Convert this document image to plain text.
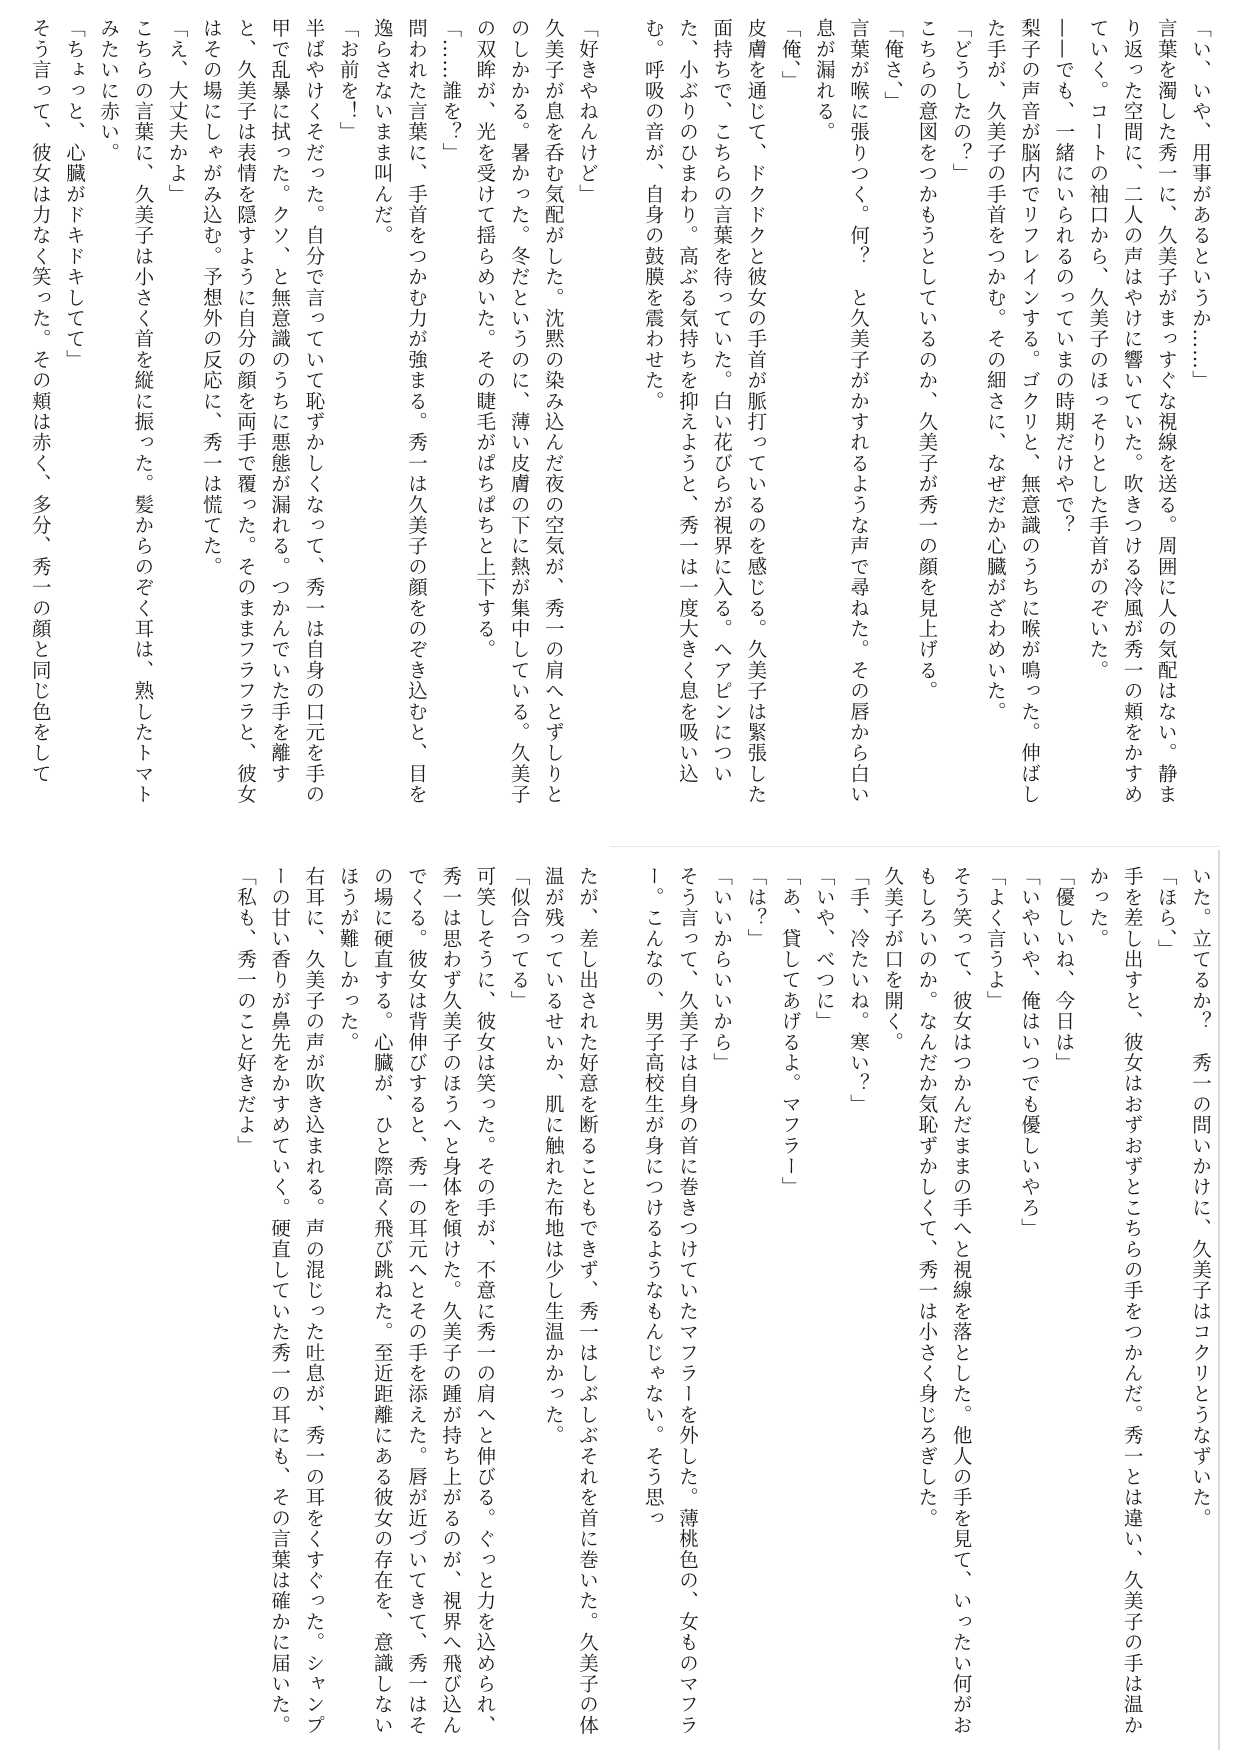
「い、いや、用事があるというか……」
言葉を濁した秀一に、久美子がまっすぐな視線を送る。周囲に人の気配はない。静まり返った空間に、二人の声はやけに響いていた。吹きつける冷風が秀一の頬をかすめていく。コートの袖口から、久美子のほっそりとした手首がのぞいた。
——でも、一緒にいられるのっていまの時期だけやで？
梨子の声音が脳内でリフレインする。ゴクリと、無意識のうちに喉が鳴った。伸ばした手が、久美子の手首をつかむ。その細さに、なぜだか心臓がざわめいた。
「どうしたの？」
こちらの意図をつかもうとしているのか、久美子が秀一の顔を見上げる。
「俺さ、」
言葉が喉に張りつく。何？　と久美子がかすれるような声で尋ねた。その唇から白い息が漏れる。
「俺、」
皮膚を通じて、ドクドクと彼女の手首が脈打っているのを感じる。久美子は緊張した面持ちで、こちらの言葉を待っていた。白い花びらが視界に入る。ヘアピンについた、小ぶりのひまわり。高ぶる気持ちを抑えようと、秀一は一度大きく息を吸い込む。呼吸の音が、自身の鼓膜を震わせた。
「好きやねんけど」
久美子が息を呑む気配がした。沈黙の染み込んだ夜の空気が、秀一の肩へとずしりとのしかかる。暑かった。冬だというのに、薄い皮膚の下に熱が集中している。久美子の双眸が、光を受けて揺らめいた。その睫毛がぱちぱちと上下する。
「……誰を？」
問われた言葉に、手首をつかむ力が強まる。秀一は久美子の顔をのぞき込むと、目を逸らさないまま叫んだ。
「お前を！」
半ばやけくそだった。自分で言っていて恥ずかしくなって、秀一は自身の口元を手の甲で乱暴に拭った。クソ、と無意識のうちに悪態が漏れる。つかんでいた手を離すと、久美子は表情を隠すように自分の顔を両手で覆った。そのままフラフラと、彼女はその場にしゃがみ込む。予想外の反応に、秀一は慌てた。
「え、大丈夫かよ」
こちらの言葉に、久美子は小さく首を縦に振った。髪からのぞく耳は、熟したトマトみたいに赤い。
「ちょっと、心臓がドキドキしてて」
そう言って、彼女は力なく笑った。その頬は赤く、多分、秀一の顔と同じ色をして
いた。立てるか？　秀一の問いかけに、久美子はコクリとうなずいた。
「ほら、」
手を差し出すと、彼女はおずおずとこちらの手をつかんだ。秀一とは違い、久美子の手は温かかった。
「優しいね、今日は」
「いやいや、俺はいつでも優しいやろ」
「よく言うよ」
そう笑って、彼女はつかんだままの手へと視線を落とした。他人の手を見て、いったい何がおもしろいのか。なんだか気恥ずかしくて、秀一は小さく身じろぎした。
久美子が口を開く。
「手、冷たいね。寒い？」
「いや、べつに」
「あ、貸してあげるよ。マフラー」
「は？」
「いいからいいから」
そう言って、久美子は自身の首に巻きつけていたマフラーを外した。薄桃色の、女ものマフラー。こんなの、男子高校生が身につけるようなもんじゃない。そう思っ
たが、差し出された好意を断ることもできず、秀一はしぶしぶそれを首に巻いた。久美子の体温が残っているせいか、肌に触れた布地は少し生温かかった。
「似合ってる」
可笑しそうに、彼女は笑った。その手が、不意に秀一の肩へと伸びる。ぐっと力を込められ、秀一は思わず久美子のほうへと身体を傾けた。久美子の踵が持ち上がるのが、視界へ飛び込んでくる。彼女は背伸びすると、秀一の耳元へとその手を添えた。唇が近づいてきて、秀一はその場に硬直する。心臓が、ひと際高く飛び跳ねた。至近距離にある彼女の存在を、意識しないほうが難しかった。
右耳に、久美子の声が吹き込まれる。声の混じった吐息が、秀一の耳をくすぐった。シャンプーの甘い香りが鼻先をかすめていく。硬直していた秀一の耳にも、その言葉は確かに届いた。
「私も、秀一のこと好きだよ」
